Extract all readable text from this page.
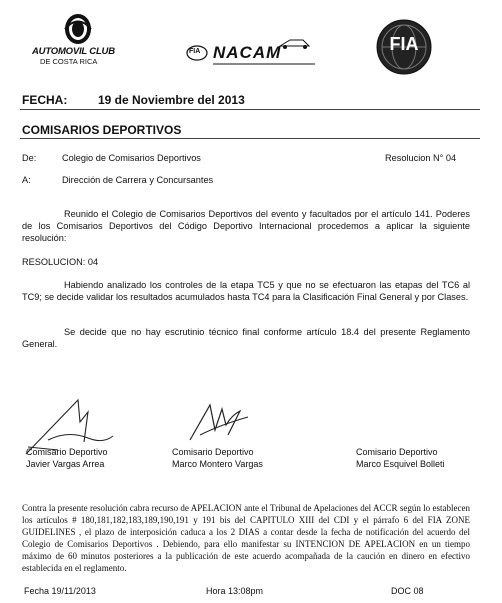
AUTOMOVIL CLUB
DE COSTA RICA
FIA NACAM	FIA
FECHA:	19 de Noviembre del 2013
COMISARIOS DEPORTIVOS
De:	Colegio de Comisarios Deportivos	Resolucion N° 04
A:	Dirección de Carrera y Concursantes
Reunido el Colegio de Comisarios Deportivos del evento y facultados por el artículo 141. Poderes de los Comisarios Deportivos del Código Deportivo Internacional procedemos a aplicar la siguiente resolución:
RESOLUCION: 04
Habiendo analizado los controles de la etapa TC5 y que no se efectuaron las etapas del TC6 al TC9; se decide validar los resultados acumulados hasta TC4 para la Clasificación Final General y por Clases.
Se decide que no hay escrutinio técnico final conforme artículo 18.4 del presente Reglamento General.
Comisario Deportivo
Javier Vargas Arrea
Comisario Deportivo
Marco Montero Vargas
Comisario Deportivo
Marco Esquivel Bolleti
Contra la presente resolución cabra recurso de APELACION ante el Tribunal de Apelaciones del ACCR según lo establecen los artículos # 180,181,182,183,189,190,191 y 191 bis del CAPITULO XIII del CDI y el párrafo 6 del FIA ZONE GUIDELINES , el plazo de interposición caduca a los 2 DIAS a contar desde la fecha de notificación del acuerdo del Colegio de Comisarios Deportivos . Debiendo, para ello manifestar su INTENCION DE APELACION en un tiempo máximo de 60 minutos posteriores a la publicación de este acuerdo acompañada de la caución en dinero en efectivo establecida en el reglamento.
Fecha 19/11/2013	Hora 13:08pm	DOC 08
